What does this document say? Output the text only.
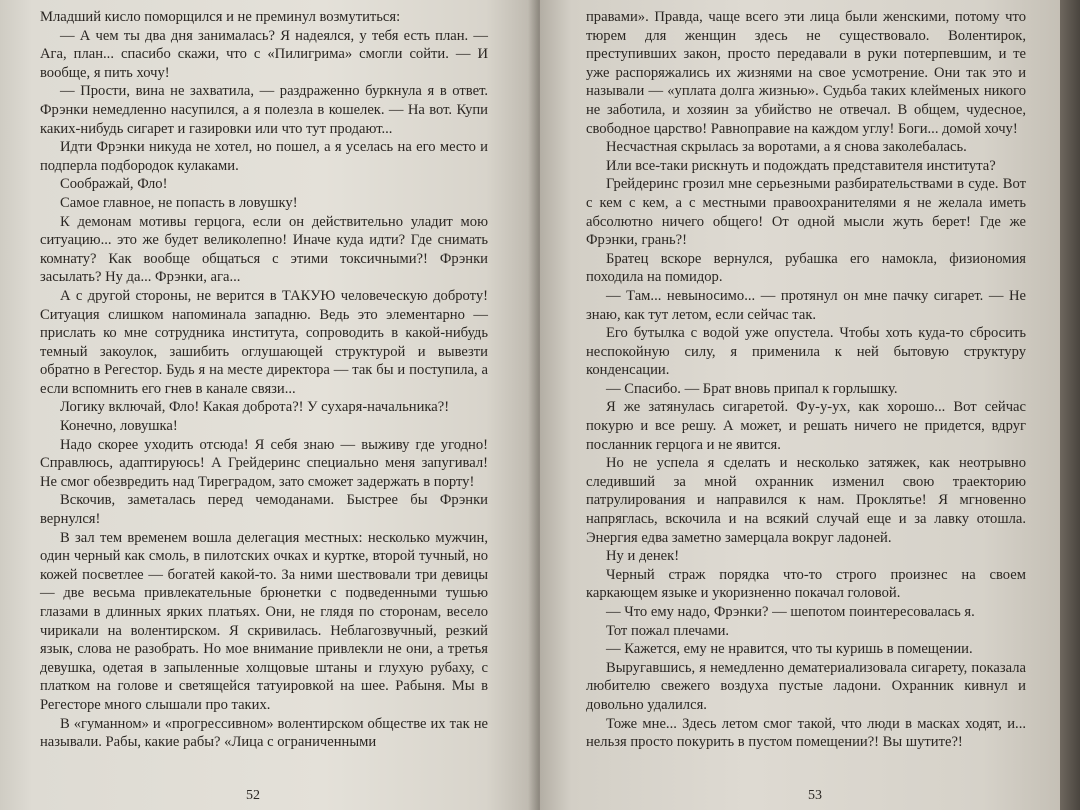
Младший кисло поморщился и не преминул возмутиться:

— А чем ты два дня занималась? Я надеялся, у тебя есть план. — Ага, план... спасибо скажи, что с «Пилигрима» смогли сойти. — И вообще, я пить хочу!

— Прости, вина не захватила, — раздраженно буркнула я в ответ. Фрэнки немедленно насупился, а я полезла в кошелек. — На вот. Купи каких-нибудь сигарет и газировки или что тут продают...

Идти Фрэнки никуда не хотел, но пошел, а я уселась на его место и подперла подбородок кулаками.

Соображай, Фло!

Самое главное, не попасть в ловушку!

К демонам мотивы герцога, если он действительно уладит мою ситуацию... это же будет великолепно! Иначе куда идти? Где снимать комнату? Как вообще общаться с этими токсичными?! Фрэнки засылать? Ну да... Фрэнки, ага...

А с другой стороны, не верится в ТАКУЮ человеческую доброту! Ситуация слишком напоминала западню. Ведь это элементарно — прислать ко мне сотрудника института, сопроводить в какой-нибудь темный закоулок, зашибить оглушающей структурой и вывезти обратно в Регестор. Будь я на месте директора — так бы и поступила, а если вспомнить его гнев в канале связи...

Логику включай, Фло! Какая доброта?! У сухаря-начальника?!

Конечно, ловушка!

Надо скорее уходить отсюда! Я себя знаю — выживу где угодно! Справлюсь, адаптируюсь! А Грейдеринс специально меня запугивал! Не смог обезвредить над Тиреградом, зато сможет задержать в порту!

Вскочив, заметалась перед чемоданами. Быстрее бы Фрэнки вернулся!

В зал тем временем вошла делегация местных: несколько мужчин, один черный как смоль, в пилотских очках и куртке, второй тучный, но кожей посветлее — богатей какой-то. За ними шествовали три девицы — две весьма привлекательные брюнетки с подведенными тушью глазами в длинных ярких платьях. Они, не глядя по сторонам, весело чирикали на волентирском. Я скривилась. Неблагозвучный, резкий язык, слова не разобрать. Но мое внимание привлекли не они, а третья девушка, одетая в запыленные холщовые штаны и глухую рубаху, с платком на голове и светящейся татуировкой на шее. Рабыня. Мы в Регесторе много слышали про таких.

В «гуманном» и «прогрессивном» волентирском обществе их так не называли. Рабы, какие рабы? «Лица с ограниченными

52

правами». Правда, чаще всего эти лица были женскими, потому что тюрем для женщин здесь не существовало. Волентирок, преступивших закон, просто передавали в руки потерпевшим, и те уже распоряжались их жизнями на свое усмотрение. Они так это и называли — «уплата долга жизнью». Судьба таких клейменых никого не заботила, и хозяин за убийство не отвечал. В общем, чудесное, свободное царство! Равноправие на каждом углу! Боги... домой хочу!

Несчастная скрылась за воротами, а я снова заколебалась.

Или все-таки рискнуть и подождать представителя института?

Грейдеринс грозил мне серьезными разбирательствами в суде. Вот с кем с кем, а с местными правоохранителями я не желала иметь абсолютно ничего общего! От одной мысли жуть берет! Где же Фрэнки, грань?!

Братец вскоре вернулся, рубашка его намокла, физиономия походила на помидор.

— Там... невыносимо... — протянул он мне пачку сигарет. — Не знаю, как тут летом, если сейчас так.

Его бутылка с водой уже опустела. Чтобы хоть куда-то сбросить неспокойную силу, я применила к ней бытовую структуру конденсации.

— Спасибо. — Брат вновь припал к горлышку.

Я же затянулась сигаретой. Фу-у-ух, как хорошо... Вот сейчас покурю и все решу. А может, и решать ничего не придется, вдруг посланник герцога и не явится.

Но не успела я сделать и несколько затяжек, как неотрывно следивший за мной охранник изменил свою траекторию патрулирования и направился к нам. Проклятье! Я мгновенно напряглась, вскочила и на всякий случай еще и за лавку отошла. Энергия едва заметно замерцала вокруг ладоней.

Ну и денек!

Черный страж порядка что-то строго произнес на своем каркающем языке и укоризненно покачал головой.

— Что ему надо, Фрэнки? — шепотом поинтересовалась я.

Тот пожал плечами.

— Кажется, ему не нравится, что ты куришь в помещении.

Выругавшись, я немедленно дематериализовала сигарету, показала любителю свежего воздуха пустые ладони. Охранник кивнул и довольно удалился.

Тоже мне... Здесь летом смог такой, что люди в масках ходят, и... нельзя просто покурить в пустом помещении?! Вы шутите?!

53
